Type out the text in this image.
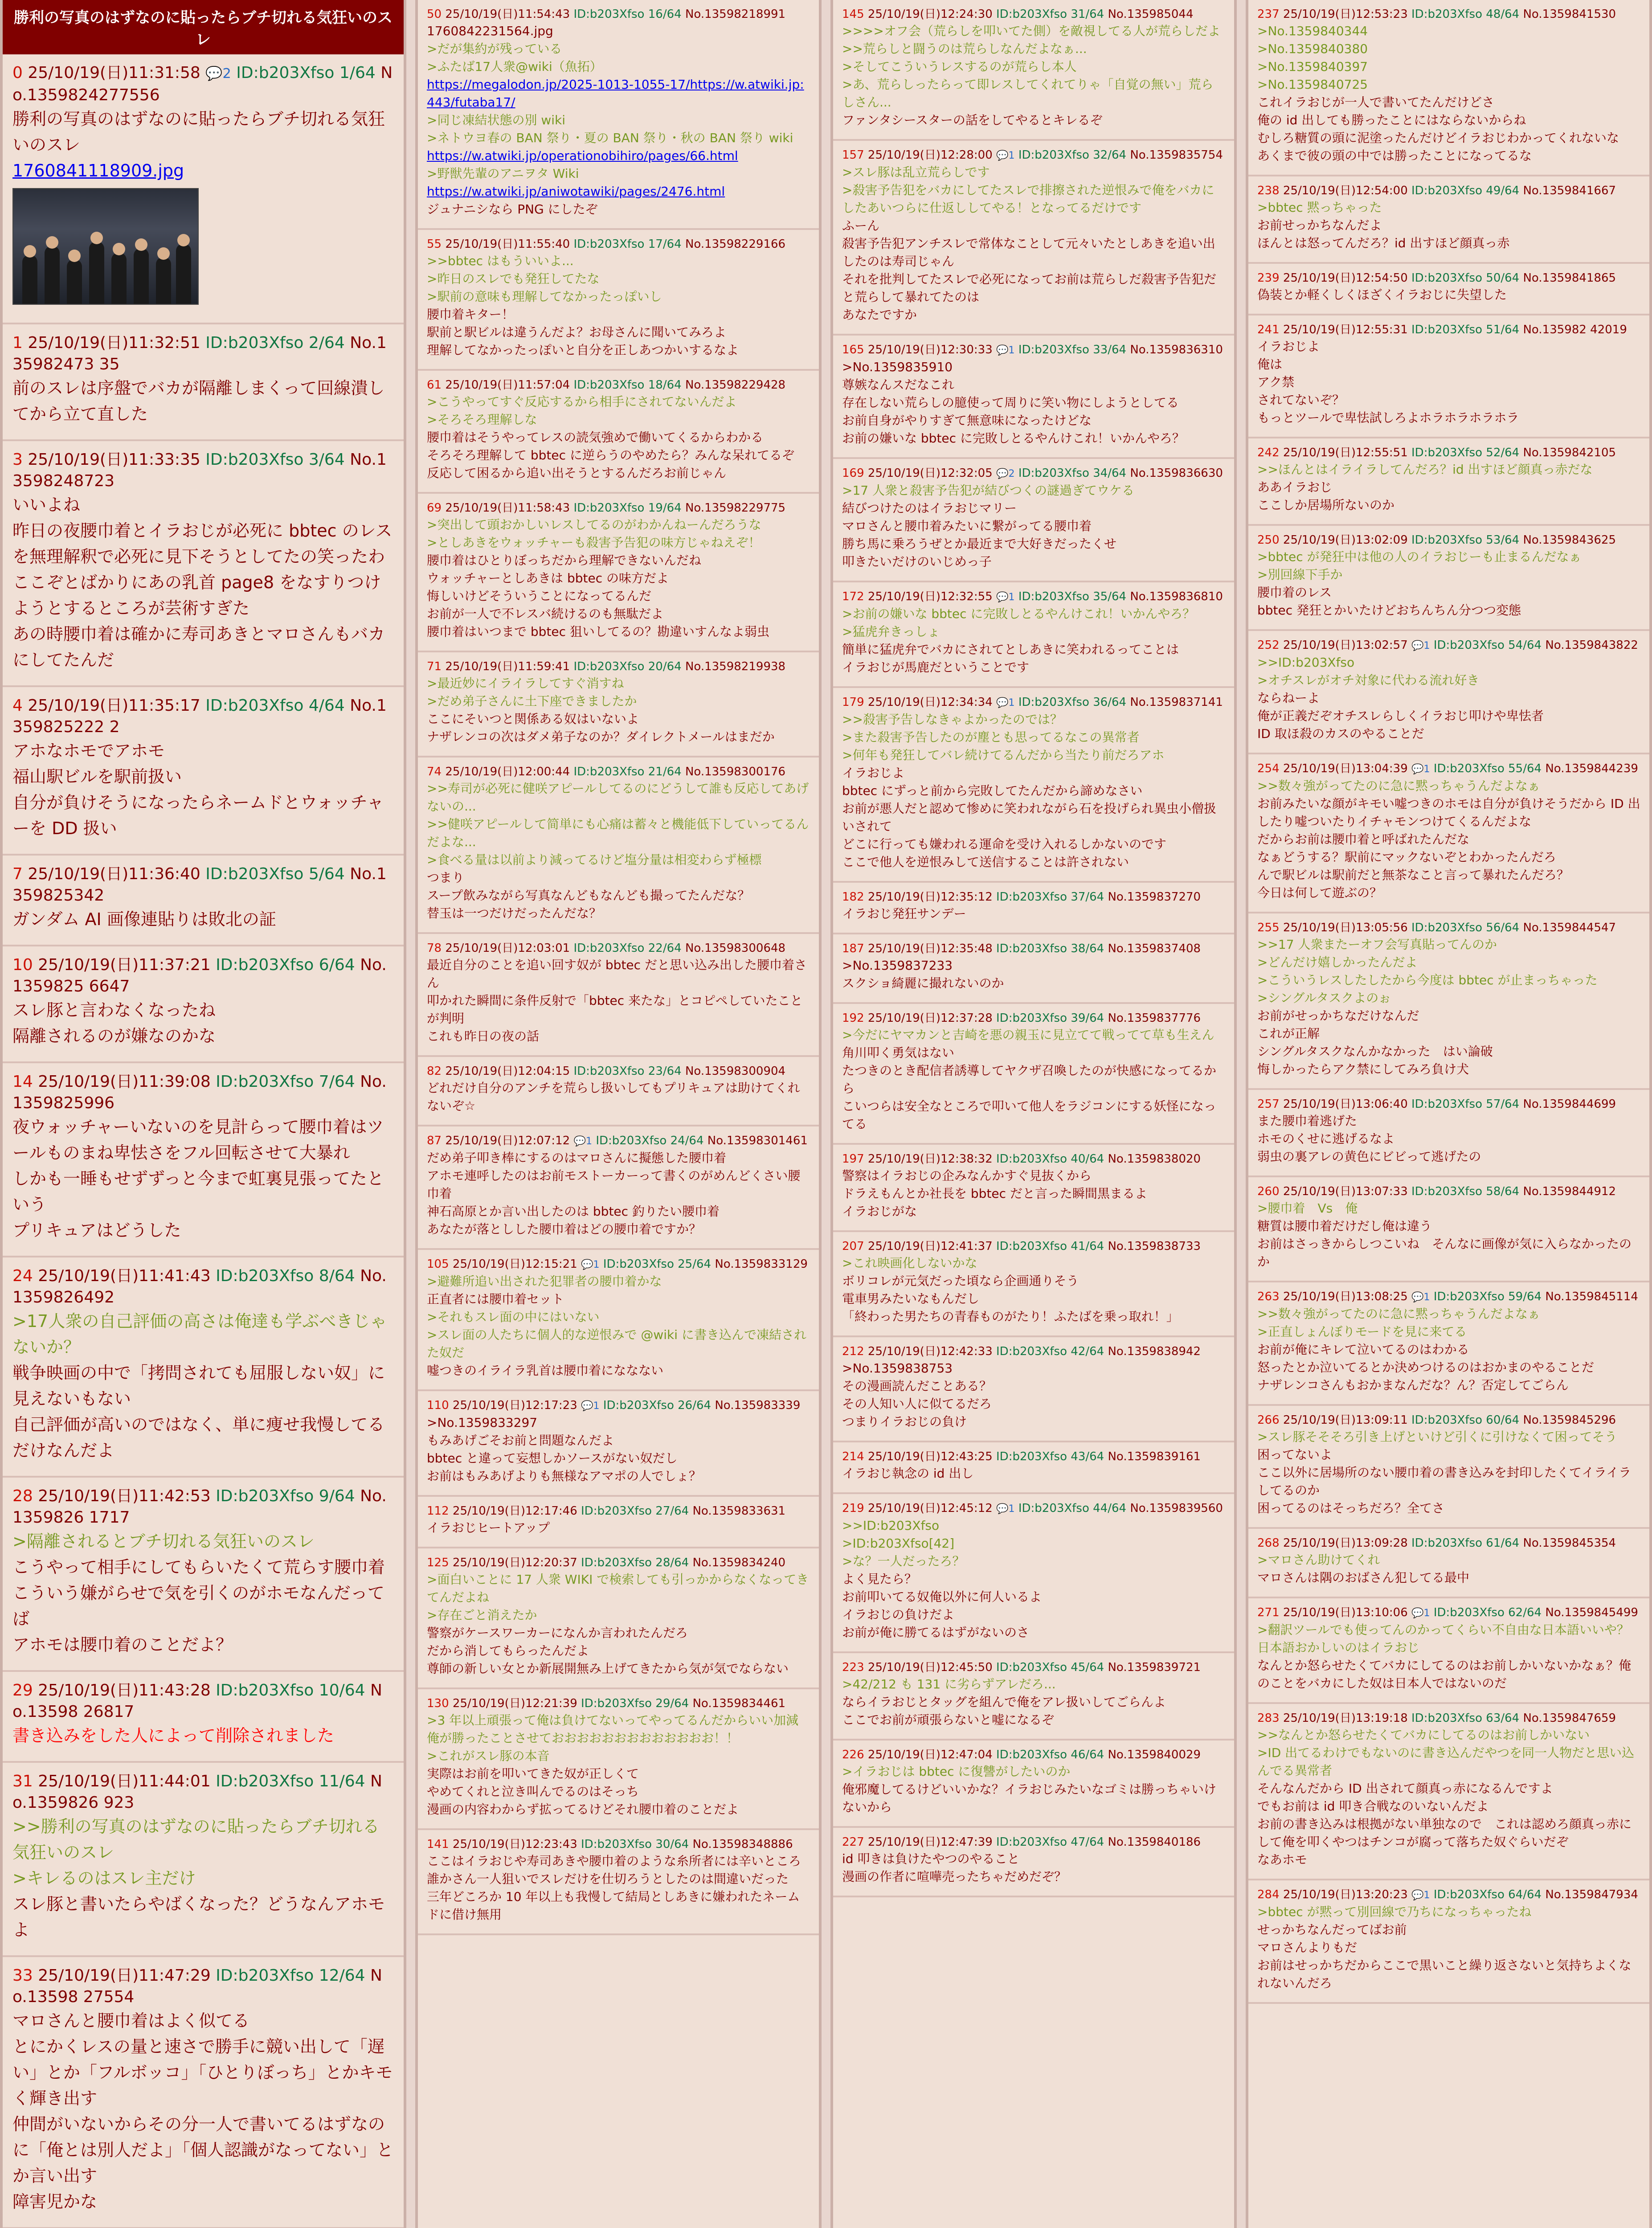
勝利の写真のはずなのに貼ったらブチ切れる気狂いのスレ
0 25/10/19(日)11:31:58 💬2 ID:b203Xfso 1/64 No.1359824277556
勝利の写真のはずなのに貼ったらブチ切れる気狂いのスレ
1760841118909.jpg
1 25/10/19(日)11:32:51 ID:b203Xfso 2/64 No.135982473 35
前のスレは序盤でバカが隔離しまくって回線潰してから立て直した
3 25/10/19(日)11:33:35 ID:b203Xfso 3/64 No.13598248723
いいよね
昨日の夜腰巾着とイラおじが必死に bbtec のレスを無理解釈で必死に見下そうとしてたの笑ったわ
ここぞとばかりにあの乳首 page8 をなすりつけようとするところが芸術すぎた
あの時腰巾着は確かに寿司あきとマロさんもバカにしてたんだ
4 25/10/19(日)11:35:17 ID:b203Xfso 4/64 No.1359825222 2
アホなホモでアホモ
福山駅ビルを駅前扱い
自分が負けそうになったらネームドとウォッチャーを DD 扱い
7 25/10/19(日)11:36:40 ID:b203Xfso 5/64 No.1359825342
ガンダム AI 画像連貼りは敗北の証
10 25/10/19(日)11:37:21 ID:b203Xfso 6/64 No.1359825 6647
スレ豚と言わなくなったね
隔離されるのが嫌なのかな
14 25/10/19(日)11:39:08 ID:b203Xfso 7/64 No.1359825996
夜ウォッチャーいないのを見計らって腰巾着はツールものまね卑怯さをフル回転させて大暴れ
しかも一睡もせずずっと今まで虹裏見張ってたという
プリキュアはどうした
24 25/10/19(日)11:41:43 ID:b203Xfso 8/64 No.1359826492
>17人衆の自己評価の高さは俺達も学ぶべきじゃないか？
戦争映画の中で「拷問されても屈服しない奴」に見えないもない
自己評価が高いのではなく、単に痩せ我慢してるだけなんだよ
28 25/10/19(日)11:42:53 ID:b203Xfso 9/64 No.1359826 1717
>隔離されるとブチ切れる気狂いのスレ
こうやって相手にしてもらいたくて荒らす腰巾着
こういう嫌がらせで気を引くのがホモなんだってば
アホモは腰巾着のことだよ？
29 25/10/19(日)11:43:28 ID:b203Xfso 10/64 No.13598 26817
書き込みをした人によって削除されました
31 25/10/19(日)11:44:01 ID:b203Xfso 11/64 No.1359826 923
>>勝利の写真のはずなのに貼ったらブチ切れる気狂いのスレ
>キレるのはスレ主だけ
スレ豚と書いたらやばくなった？どうなんアホモよ
33 25/10/19(日)11:47:29 ID:b203Xfso 12/64 No.13598 27554
マロさんと腰巾着はよく似てる
とにかくレスの量と速さで勝手に競い出して「遅い」とか「フルボッコ」「ひとりぼっち」とかキモく輝き出す
仲間がいないからその分一人で書いてるはずなのに「俺とは別人だよ」「個人認識がなってない」とか言い出す
障害児かな
50 25/10/19(日)11:54:43 ID:b203Xfso 16/64 No.13598218991
1760842231564.jpg
>だが集約が残っている
>ふたば17人衆@wiki（魚拓）
https://megalodon.jp/2025-1013-1055-17/https://w.atwiki.jp:443/futaba17/
>同じ凍結状態の別 wiki
>ネトウヨ春の BAN 祭り・夏の BAN 祭り・秋の BAN 祭り wiki
https://w.atwiki.jp/operationobihiro/pages/66.html
>野獣先輩のアニヲタ Wiki
https://w.atwiki.jp/aniwotawiki/pages/2476.html
ジュナニシなら PNG にしたぞ
55 25/10/19(日)11:55:40 ID:b203Xfso 17/64 No.13598229166
>>bbtec はもういいよ...
>昨日のスレでも発狂してたな
>駅前の意味も理解してなかったっぽいし
腰巾着キター！
駅前と駅ビルは違うんだよ？お母さんに聞いてみろよ
理解してなかったっぽいと自分を正しあつかいするなよ
61 25/10/19(日)11:57:04 ID:b203Xfso 18/64 No.13598229428
>こうやってすぐ反応するから相手にされてないんだよ
>そろそろ理解しな
腰巾着はそうやってレスの読気強めで働いてくるからわかる
そろそろ理解して bbtec に逆らうのやめたら？みんな呆れてるぞ
反応して困るから追い出そうとするんだろお前じゃん
69 25/10/19(日)11:58:43 ID:b203Xfso 19/64 No.13598229775
>突出して頭おかしいレスしてるのがわかんねーんだろうな
>としあきをウォッチャーも殺害予告犯の味方じゃねえぞ！
腰巾着はひとりぼっちだから理解できないんだね
ウォッチャーとしあきは bbtec の味方だよ
悔しいけどそういうことになってるんだ
お前が一人で不レスバ続けるのも無駄だよ
腰巾着はいつまで bbtec 狙いしてるの？勘違いすんなよ弱虫
71 25/10/19(日)11:59:41 ID:b203Xfso 20/64 No.13598219938
>最近妙にイライラしてすぐ消すね
>だめ弟子さんに土下座できましたか
ここにそいつと関係ある奴はいないよ
ナザレンコの次はダメ弟子なのか？ダイレクトメールはまだか
74 25/10/19(日)12:00:44 ID:b203Xfso 21/64 No.13598300176
>>寿司が必死に健咲アピールしてるのにどうして誰も反応してあげないの...
>>健咲アピールして简単にも心痛は蓄々と機能低下していってるんだよな...
>食べる量は以前より減ってるけど塩分量は相変わらず極標
つまり
スープ飲みながら写真なんどもなんども撮ってたんだな？
替玉は一つだけだったんだな？
78 25/10/19(日)12:03:01 ID:b203Xfso 22/64 No.13598300648
最近自分のことを追い回す奴が bbtec だと思い込み出した腰巾着さん
叩かれた瞬間に条件反射で「bbtec 来たな」とコピペしていたことが判明
これも昨日の夜の話
82 25/10/19(日)12:04:15 ID:b203Xfso 23/64 No.13598300904
どれだけ自分のアンチを荒らし扱いしてもプリキュアは助けてくれないぞ☆
87 25/10/19(日)12:07:12 💬1 ID:b203Xfso 24/64 No.13598301461
だめ弟子叩き棒にするのはマロさんに擬態した腰巾着
アホモ連呼したのはお前モストーカーって書くのがめんどくさい腰巾着
神石高原とか言い出したのは bbtec 釣りたい腰巾着
あなたが落としした腰巾着はどの腰巾着ですか？
105 25/10/19(日)12:15:21 💬1 ID:b203Xfso 25/64 No.1359833129
>避難所追い出された犯罪者の腰巾着かな
正直者には腰巾着セット
>それもスレ面の中にはいない
>スレ面の人たちに個人的な逆恨みで @wiki に書き込んで凍結された奴だ
嘘つきのイライラ乳首は腰巾着にななない
110 25/10/19(日)12:17:23 💬1 ID:b203Xfso 26/64 No.135983339
>No.1359833297
もみあげごそお前と問題なんだよ
bbtec と違って妄想しかソースがない奴だし
お前はもみあげよりも無様なアマポの人でしょ？
112 25/10/19(日)12:17:46 ID:b203Xfso 27/64 No.1359833631
イラおじヒートアップ
125 25/10/19(日)12:20:37 ID:b203Xfso 28/64 No.1359834240
>面白いことに 17 人衆 WIKI で検索しても引っかからなくなってきてんだよね
>存在ごと消えたか
警察がケースワーカーになんか言われたんだろ
だから消してもらったんだよ
尊師の新しい女とか新展開無み上げてきたから気が気でならない
130 25/10/19(日)12:21:39 ID:b203Xfso 29/64 No.1359834461
>3 年以上頑張って俺は負けてないってやってるんだからいい加減俺が勝ったことさせておおおおおおおおおおおおお！！
>これがスレ豚の本音
実際はお前を叩いてきた奴が正しくて
やめてくれと泣き叫んでるのはそっち
漫画の内容わからず拡ってるけどそれ腰巾着のことだよ
141 25/10/19(日)12:23:43 ID:b203Xfso 30/64 No.13598348886
ここはイラおじや寿司あきや腰巾着のような糸所者には辛いところ
誰かさん一人狙いでスレだけを仕切ろうとしたのは間違いだった
三年どころか 10 年以上も我慢して結局としあきに嫌われたネームドに借け無用
145 25/10/19(日)12:24:30 ID:b203Xfso 31/64 No.135985044
>>>>オフ会（荒らしを叩いてた側）を敵視してる人が荒らしだよ
>>荒らしと闘うのは荒らしなんだよなぁ...
>そしてこういうレスするのが荒らし本人
>あ、荒らしったらって即レスしてくれてりゃ「自覚の無い」荒らしさん...
ファンタシースターの話をしてやるとキレるぞ
157 25/10/19(日)12:28:00 💬1 ID:b203Xfso 32/64 No.1359835754
>スレ豚は乱立荒らしです
>殺害予告犯をバカにしてたスレで排擦された逆恨みで俺をバカにしたあいつらに仕返ししてやる！となってるだけです
ふーん
殺害予告犯アンチスレで常体なことして元々いたとしあきを追い出したのは寿司じゃん
それを批判してたスレで必死になってお前は荒らしだ殺害予告犯だと荒らして暴れてたのは
あなたですか
165 25/10/19(日)12:30:33 💬1 ID:b203Xfso 33/64 No.1359836310
>No.1359835910
尊嫉なんスだなこれ
存在しない荒らしの臆使って周りに笑い物にしようとしてる
お前自身がやりすぎて無意味になったけどな
お前の嫌いな bbtec に完敗しとるやんけこれ！いかんやろ？
169 25/10/19(日)12:32:05 💬2 ID:b203Xfso 34/64 No.1359836630
>17 人衆と殺害予告犯が結びつくの謎過ぎてウケる
結びつけたのはイラおじマリー
マロさんと腰巾着みたいに繋がってる腰巾着
勝ち馬に乗ろうぜとか最近まで大好きだったくせ
叩きたいだけのいじめっ子
172 25/10/19(日)12:32:55 💬1 ID:b203Xfso 35/64 No.1359836810
>お前の嫌いな bbtec に完敗しとるやんけこれ！いかんやろ？
>猛虎弁きっしょ
簡単に猛虎弁でバカにされてとしあきに笑われるってことは
イラおじが馬鹿だということです
179 25/10/19(日)12:34:34 💬1 ID:b203Xfso 36/64 No.1359837141
>>殺害予告しなきゃよかったのでは？
>また殺害予告したのが塵とも思ってるなこの異常者
>何年も発狂してバレ続けてるんだから当たり前だろアホ
イラおじよ
bbtec にずっと前から完敗してたんだから諦めなさい
お前が悪人だと認めて惨めに笑われながら石を投げられ異虫小僧扱いされて
どこに行っても嫌われる運命を受け入れるしかないのです
ここで他人を逆恨みして送信することは許されない
182 25/10/19(日)12:35:12 ID:b203Xfso 37/64 No.1359837270
イラおじ発狂サンデー
187 25/10/19(日)12:35:48 ID:b203Xfso 38/64 No.1359837408
>No.1359837233
スクショ綺麗に撮れないのか
192 25/10/19(日)12:37:28 ID:b203Xfso 39/64 No.1359837776
>今だにヤマカンと吉崎を悪の親玉に見立てて戦ってて草も生えん
角川叩く勇気はない
たつきのとき配信者誘導してヤクザ召喚したのが快感になってるから
こいつらは安全なところで叩いて他人をラジコンにする妖怪になってる
197 25/10/19(日)12:38:32 ID:b203Xfso 40/64 No.1359838020
警察はイラおじの企みなんかすぐ見抜くから
ドラえもんとか社長を bbtec だと言った瞬間黒まるよ
イラおじがな
207 25/10/19(日)12:41:37 ID:b203Xfso 41/64 No.1359838733
>これ映画化しないかな
ボリコレが元気だった頃なら企画通りそう
電車男みたいなもんだし
「終わった男たちの青春ものがたり！ふたばを乗っ取れ！」
212 25/10/19(日)12:42:33 ID:b203Xfso 42/64 No.1359838942
>No.1359838753
その漫画読んだことある？
その人知い人に似てるだろ
つまりイラおじの負け
214 25/10/19(日)12:43:25 ID:b203Xfso 43/64 No.1359839161
イラおじ執念の id 出し
219 25/10/19(日)12:45:12 💬1 ID:b203Xfso 44/64 No.1359839560
>>ID:b203Xfso
>ID:b203Xfso[42]
>な？一人だったろ？
よく見たら？
お前叩いてる奴俺以外に何人いるよ
イラおじの負けだよ
お前が俺に勝てるはずがないのさ
223 25/10/19(日)12:45:50 ID:b203Xfso 45/64 No.1359839721
>42/212 も 131 に劣らずアレだろ...
ならイラおじとタッグを組んで俺をアレ扱いしてごらんよ
ここでお前が頑張らないと嘘になるぞ
226 25/10/19(日)12:47:04 ID:b203Xfso 46/64 No.1359840029
>イラおじは bbtec に復讐がしたいのか
俺邪魔してるけどいいかな？イラおじみたいなゴミは勝っちゃいけないから
227 25/10/19(日)12:47:39 ID:b203Xfso 47/64 No.1359840186
id 叩きは負けたやつのやること
漫画の作者に喧嘩売ったちゃだめだぞ？
237 25/10/19(日)12:53:23 ID:b203Xfso 48/64 No.1359841530
>No.1359840344
>No.1359840380
>No.1359840397
>No.1359840725
これイラおじが一人で書いてたんだけどさ
俺の id 出しても勝ったことにはならないからね
むしろ糖質の頭に泥塗ったんだけどイラおじわかってくれないな
あくまで彼の頭の中では勝ったことになってるな
238 25/10/19(日)12:54:00 ID:b203Xfso 49/64 No.1359841667
>bbtec 黙っちゃった
お前せっかちなんだよ
ほんとは怒ってんだろ？id 出すほど顔真っ赤
239 25/10/19(日)12:54:50 ID:b203Xfso 50/64 No.1359841865
偽装とか軽くしくほざくイラおじに失望した
241 25/10/19(日)12:55:31 ID:b203Xfso 51/64 No.135982 42019
イラおじよ
俺は
アク禁
されてないぞ？
もっとツールで卑怯試しろよホラホラホラホラ
242 25/10/19(日)12:55:51 ID:b203Xfso 52/64 No.1359842105
>>ほんとはイライラしてんだろ？id 出すほど顔真っ赤だな
ああイラおじ
ここしか居場所ないのか
250 25/10/19(日)13:02:09 ID:b203Xfso 53/64 No.1359843625
>bbtec が発狂中は他の人のイラおじーも止まるんだなぁ
>別回線下手か
腰巾着のレス
bbtec 発狂とかいたけどおちんちん分つつ変態
252 25/10/19(日)13:02:57 💬1 ID:b203Xfso 54/64 No.1359843822
>>ID:b203Xfso
>オチスレがオチ対象に代わる流れ好き
ならねーよ
俺が正義だぞオチスレらしくイラおじ叩けや卑怯者
ID 取ほ殺のカスのやることだ
254 25/10/19(日)13:04:39 💬1 ID:b203Xfso 55/64 No.1359844239
>>数々強がってたのに急に黙っちゃうんだよなぁ
お前みたいな顔がキモい嘘つきのホモは自分が負けそうだから ID 出したり嘘ついたりイチャモンつけてくるんだよな
だからお前は腰巾着と呼ばれたんだな
なぁどうする？駅前にマックないぞとわかったんだろ
んで駅ビルは駅前だと無茶なこと言って暴れたんだろ？
今日は何して遊ぶの？
255 25/10/19(日)13:05:56 ID:b203Xfso 56/64 No.1359844547
>>17 人衆またーオフ会写真貼ってんのか
>どんだけ嬉しかったんだよ
>こういうレスしたしたから今度は bbtec が止まっちゃった
>シングルタスクよのぉ
お前がせっかちなだけなんだ
これが正解
シングルタスクなんかなかった　はい論破
悔しかったらアク禁にしてみろ負け犬
257 25/10/19(日)13:06:40 ID:b203Xfso 57/64 No.1359844699
また腰巾着逃げた
ホモのくせに逃げるなよ
弱虫の裏アレの黄色にビビって逃げたの
260 25/10/19(日)13:07:33 ID:b203Xfso 58/64 No.1359844912
>腰巾着　Vs　俺
糖質は腰巾着だけだし俺は違う
お前はさっきからしつこいね　そんなに画像が気に入らなかったのか
263 25/10/19(日)13:08:25 💬1 ID:b203Xfso 59/64 No.1359845114
>>数々強がってたのに急に黙っちゃうんだよなぁ
>正直しょんぼりモードを見に来てる
お前が俺にキレて泣いてるのはわかる
怒ったとか泣いてるとか決めつけるのはおかまのやることだ
ナザレンコさんもおかまなんだな？ん？否定してごらん
266 25/10/19(日)13:09:11 ID:b203Xfso 60/64 No.1359845296
>スレ豚そそそろ引き上げといけど引くに引けなくて困ってそう
困ってないよ
ここ以外に居場所のない腰巾着の書き込みを封印したくてイライラしてるのか
困ってるのはそっちだろ？全てさ
268 25/10/19(日)13:09:28 ID:b203Xfso 61/64 No.1359845354
>マロさん助けてくれ
マロさんは隅のおばさん犯してる最中
271 25/10/19(日)13:10:06 💬1 ID:b203Xfso 62/64 No.1359845499
>翻訳ツールでも使ってんのかってくらい不自由な日本語いいや？日本語おかしいのはイラおじ
なんとか怒らせたくてバカにしてるのはお前しかいないかなぁ？俺のことをバカにした奴は日本人ではないのだ
283 25/10/19(日)13:19:18 ID:b203Xfso 63/64 No.1359847659
>>なんとか怒らせたくてバカにしてるのはお前しかいない
>ID 出てるわけでもないのに書き込んだやつを同一人物だと思い込んでる異常者
そんなんだから ID 出されて顔真っ赤になるんですよ
でもお前は id 叩き合戦なのいないんだよ
お前の書き込みは根拠がない単独なので　これは認めろ顔真っ赤にして俺を叩くやつはチンコが腐って落ちた奴ぐらいだぞ
なあホモ
284 25/10/19(日)13:20:23 💬1 ID:b203Xfso 64/64 No.1359847934
>bbtec が黙って別回線で乃ちになっちゃったね
せっかちなんだってばお前
マロさんよりもだ
お前はせっかちだからここで黒いこと繰り返さないと気持ちよくなれないんだろ
